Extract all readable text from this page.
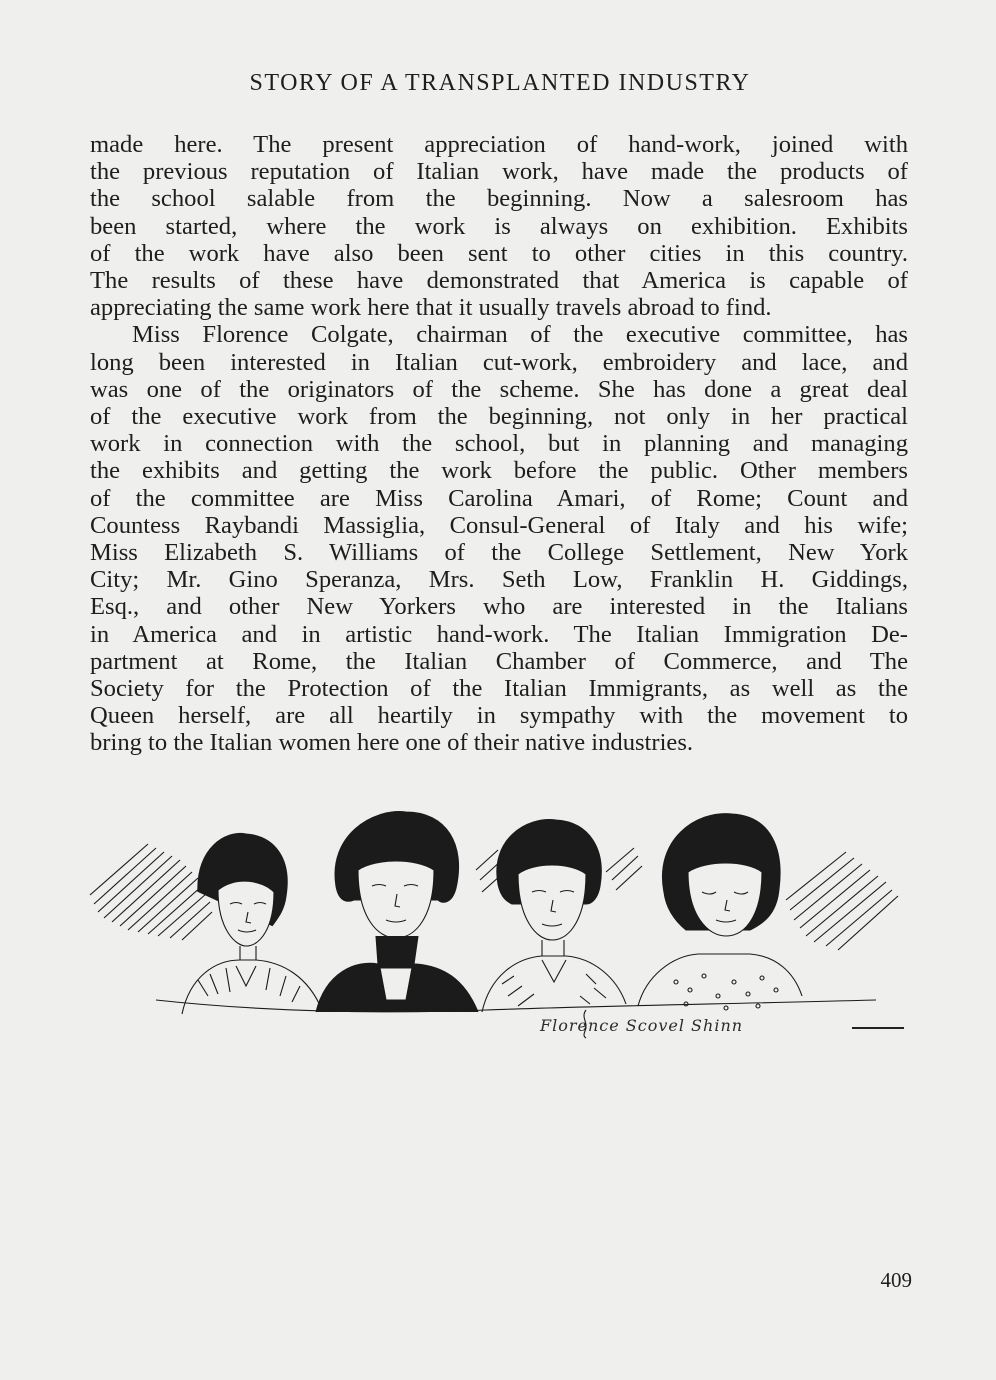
STORY OF A TRANSPLANTED INDUSTRY

made here. The present appreciation of hand-work, joined with

the previous reputation of Italian work, have made the products of

the school salable from the beginning. Now a salesroom has

been started, where the work is always on exhibition. Exhibits

of the work have also been sent to other cities in this country.

The results of these have demonstrated that America is capable of

appreciating the same work here that it usually travels abroad to find.

Miss Florence Colgate, chairman of the executive committee, has

long been interested in Italian cut-work, embroidery and lace, and

was one of the originators of the scheme. She has done a great deal

of the executive work from the beginning, not only in her practical

work in connection with the school, but in planning and managing

the exhibits and getting the work before the public. Other members

of the committee are Miss Carolina Amari, of Rome; Count and

Countess Raybandi Massiglia, Consul-General of Italy and his wife;

Miss Elizabeth S. Williams of the College Settlement, New York

City; Mr. Gino Speranza, Mrs. Seth Low, Franklin H. Giddings,

Esq., and other New Yorkers who are interested in the Italians

in America and in artistic hand-work. The Italian Immigration De-

partment at Rome, the Italian Chamber of Commerce, and The

Society for the Protection of the Italian Immigrants, as well as the

Queen herself, are all heartily in sympathy with the movement to

bring to the Italian women here one of their native industries.

Florence Scovel Shinn
409
